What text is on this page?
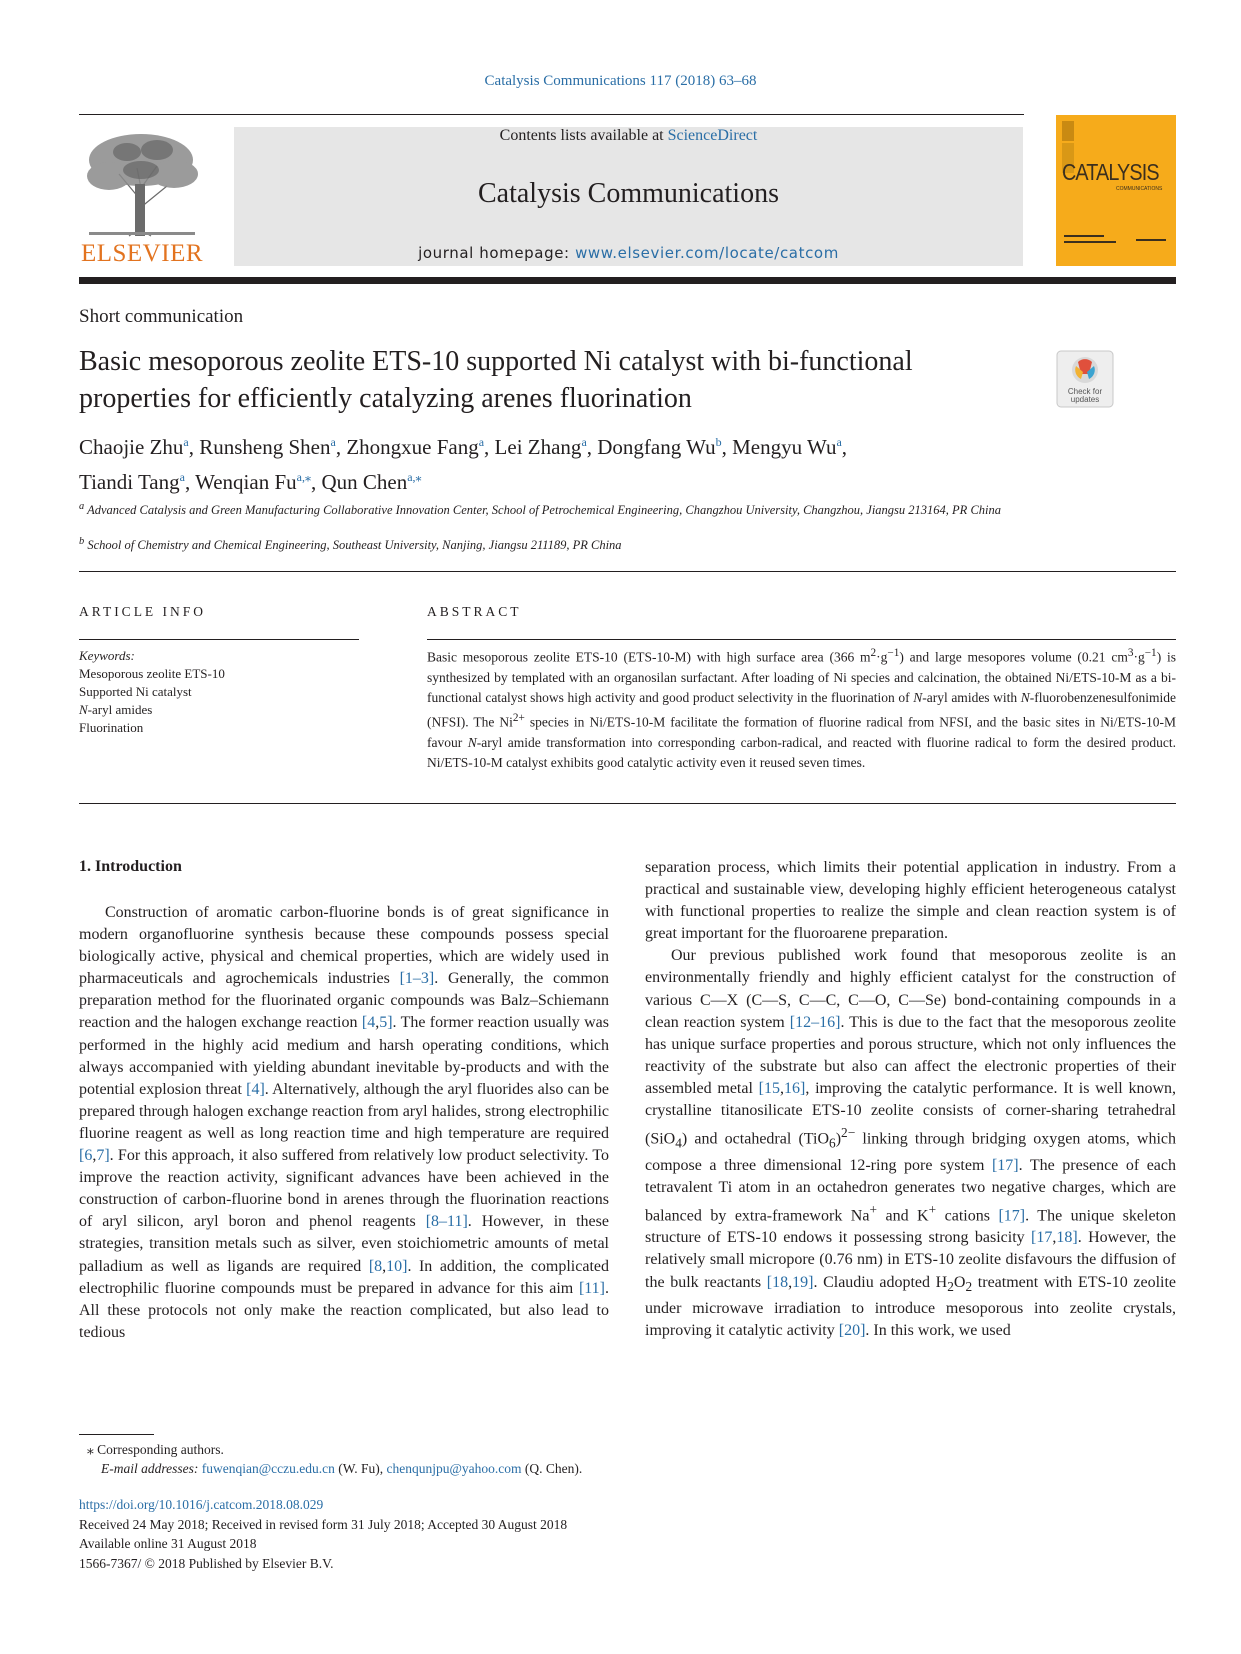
Catalysis Communications 117 (2018) 63–68
ELSEVIER
Contents lists available at ScienceDirect
Catalysis Communications
journal homepage: www.elsevier.com/locate/catcom
CATALYSIS
COMMUNICATIONS
Short communication
Basic mesoporous zeolite ETS-10 supported Ni catalyst with bi-functional properties for efficiently catalyzing arenes fluorination	Check for
updates
Chaojie Zhu$^a$, Runsheng Shen$^a$, Zhongxue Fang$^a$, Lei Zhang$^a$, Dongfang Wu$^b$, Mengyu Wu$^a$,
Tiandi Tang$^a$, Wenqian $Fu^{a,⁎}$, Qun Chen$^{a,⁎}$
$^a$ Advanced Catalysis and Green Manufacturing Collaborative Innovation Center, School of Petrochemical Engineering, Changzhou University, Changzhou, Jiangsu 213164, PR China
$^b$ School of Chemistry and Chemical Engineering, Southeast University, Nanjing, Jiangsu 211189, PR China
ARTICLE INFO	ABSTRACT
Keywords:
Mesoporous zeolite ETS-10
Supported Ni catalyst
N-aryl amides
Fluorination
Basic mesoporous zeolite ETS-10 (ETS-10-M) with high surface area (366 $m^2\cdot g^{-1}$) and large mesopores volume (0.21 $cm^3\cdot g^{-1}$) is synthesized by templated with an organosilan surfactant. After loading of Ni species and calcination, the obtained Ni/ETS-10-M as a bi-functional catalyst shows high activity and good product selectivity in the fluorination of N-aryl amides with N-fluorobenzenesulfonimide (NFSI). The $Ni^{2+}$ species in Ni/ETS-10-M facilitate the formation of fluorine radical from NFSI, and the basic sites in Ni/ETS-10-M favour N-aryl amide transformation into corresponding carbon-radical, and reacted with fluorine radical to form the desired product. Ni/ETS-10-M catalyst exhibits good catalytic activity even it reused seven times.
1. Introduction

Construction of aromatic carbon-fluorine bonds is of great significance in modern organofluorine synthesis because these compounds possess special biologically active, physical and chemical properties, which are widely used in pharmaceuticals and agrochemicals industries [1–3]. Generally, the common preparation method for the fluorinated organic compounds was Balz–Schiemann reaction and the halogen exchange reaction [4,5]. The former reaction usually was performed in the highly acid medium and harsh operating conditions, which always accompanied with yielding abundant inevitable by-products and with the potential explosion threat [4]. Alternatively, although the aryl fluorides also can be prepared through halogen exchange reaction from aryl halides, strong electrophilic fluorine reagent as well as long reaction time and high temperature are required [6,7]. For this approach, it also suffered from relatively low product selectivity. To improve the reaction activity, significant advances have been achieved in the construction of carbon-fluorine bond in arenes through the fluorination reactions of aryl silicon, aryl boron and phenol reagents [8–11]. However, in these strategies, transition metals such as silver, even stoichiometric amounts of metal palladium as well as ligands are required [8,10]. In addition, the complicated electrophilic fluorine compounds must be prepared in advance for this aim [11]. All these protocols not only make the reaction complicated, but also lead to tedious

separation process, which limits their potential application in industry. From a practical and sustainable view, developing highly efficient heterogeneous catalyst with functional properties to realize the simple and clean reaction system is of great important for the fluoroarene preparation.

Our previous published work found that mesoporous zeolite is an environmentally friendly and highly efficient catalyst for the construction of various C—X (C—S, C—C, C—O, C—Se) bond-containing compounds in a clean reaction system [12–16]. This is due to the fact that the mesoporous zeolite has unique surface properties and porous structure, which not only influences the reactivity of the substrate but also can affect the electronic properties of their assembled metal [15,16], improving the catalytic performance. It is well known, crystalline titanosilicate ETS-10 zeolite consists of corner-sharing tetrahedral (SiO$_4$) and octahedral $(TiO_6)^{2-}$ linking through bridging oxygen atoms, which compose a three dimensional 12-ring pore system [17]. The presence of each tetravalent Ti atom in an octahedron generates two negative charges, which are balanced by extra-framework Na+ and K+ cations [17]. The unique skeleton structure of ETS-10 endows it possessing strong basicity [17,18]. However, the relatively small micropore (0.76 nm) in ETS-10 zeolite disfavours the diffusion of the bulk reactants [18,19]. Claudiu adopted $H_2O_2$ treatment with ETS-10 zeolite under microwave irradiation to introduce mesoporous into zeolite crystals, improving it catalytic activity [20]. In this work, we used

⁎ Corresponding authors.
E-mail addresses: fuwenqian@cczu.edu.cn (W. Fu), chenqunjpu@yahoo.com (Q. Chen).
https://doi.org/10.1016/j.catcom.2018.08.029
Received 24 May 2018; Received in revised form 31 July 2018; Accepted 30 August 2018
Available online 31 August 2018
1566-7367/ © 2018 Published by Elsevier B.V.
